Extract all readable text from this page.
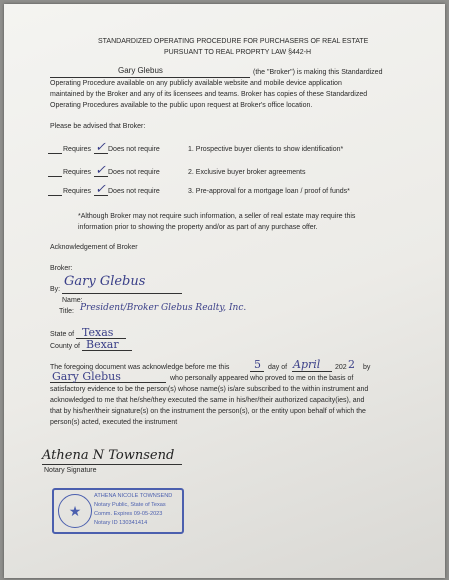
STANDARDIZED OPERATING PROCEDURE FOR PURCHASERS OF REAL ESTATE
PURSUANT TO REAL PROPRTY LAW §442-H
Gary Glebus	(the "Broker") is making this Standardized
Operating Procedure available on any publicly available website and mobile device application
maintained by the Broker and any of its licensees and teams. Broker has copies of these Standardized
Operating Procedures available to the public upon request at Broker's office location.
Please be advised that Broker:
Requires ✓ Does not require	1. Prospective buyer clients to show identification*
Requires ✓ Does not require	2. Exclusive buyer broker agreements
Requires ✓ Does not require	3. Pre-approval for a mortgage loan / proof of funds*
*Although Broker may not require such information, a seller of real estate may require this
information prior to showing the property and/or as part of any purchase offer.
Acknowledgement of Broker
Broker:
By:
Gary Glebus
Name:
Title: President/Broker Glebus Realty, Inc.
State of Texas
County of Bexar
The foregoing document was acknowledge before me this 5 day of April 202 2 by
Gary Glebus	who personally appeared who proved to me on the basis of
satisfactory evidence to be the person(s) whose name(s) is/are subscribed to the within instrument and
acknowledged to me that he/she/they executed the same in his/her/their authorized capacity(ies), and
that by his/her/their signature(s) on the instrument the person(s), or the entity upon behalf of which the
person(s) acted, executed the instrument
Athena N Townsend
Notary Signature
★
ATHENA NICOLE TOWNSEND
Notary Public, State of Texas
Comm. Expires 09-05-2023
Notary ID 130341414
